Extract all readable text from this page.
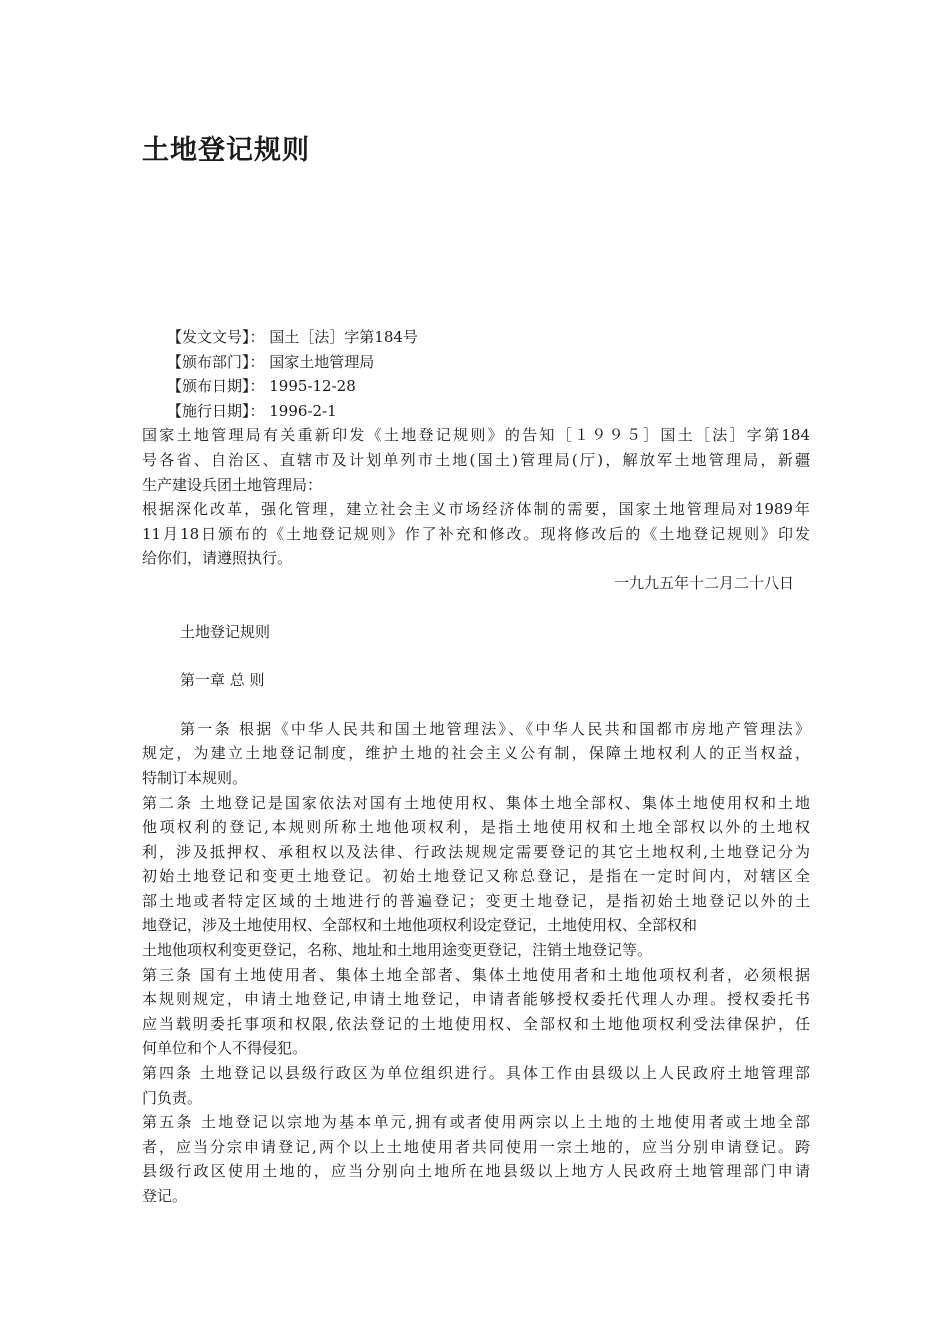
土地登记规则

【发文文号】： 国土［法］字第184号

【颁布部门】： 国家土地管理局

【颁布日期】： 1995-12-28

【施行日期】： 1996-2-1

国家土地管理局有关重新印发《土地登记规则》的告知［１９９５］国土［法］字第184

号各省、自治区、直辖市及计划单列市土地(国土)管理局(厅)，解放军土地管理局，新疆

生产建设兵团土地管理局：

根据深化改革，强化管理，建立社会主义市场经济体制的需要，国家土地管理局对1989年

11月18日颁布的《土地登记规则》作了补充和修改。现将修改后的《土地登记规则》印发

给你们，请遵照执行。

一九九五年十二月二十八日

土地登记规则

第一章 总 则

第一条 根据《中华人民共和国土地管理法》、《中华人民共和国都市房地产管理法》

规定，为建立土地登记制度，维护土地的社会主义公有制，保障土地权利人的正当权益，

特制订本规则。

第二条 土地登记是国家依法对国有土地使用权、集体土地全部权、集体土地使用权和土地

他项权利的登记,本规则所称土地他项权利，是指土地使用权和土地全部权以外的土地权

利，涉及抵押权、承租权以及法律、行政法规规定需要登记的其它土地权利,土地登记分为

初始土地登记和变更土地登记。初始土地登记又称总登记，是指在一定时间内，对辖区全

部土地或者特定区域的土地进行的普遍登记；变更土地登记，是指初始土地登记以外的土

地登记，涉及土地使用权、全部权和土地他项权利设定登记，土地使用权、全部权和

土地他项权利变更登记，名称、地址和土地用途变更登记，注销土地登记等。

第三条 国有土地使用者、集体土地全部者、集体土地使用者和土地他项权利者，必须根据

本规则规定，申请土地登记,申请土地登记，申请者能够授权委托代理人办理。授权委托书

应当载明委托事项和权限,依法登记的土地使用权、全部权和土地他项权利受法律保护，任

何单位和个人不得侵犯。

第四条 土地登记以县级行政区为单位组织进行。具体工作由县级以上人民政府土地管理部

门负责。

第五条 土地登记以宗地为基本单元,拥有或者使用两宗以上土地的土地使用者或土地全部

者，应当分宗申请登记,两个以上土地使用者共同使用一宗土地的，应当分别申请登记。跨

县级行政区使用土地的，应当分别向土地所在地县级以上地方人民政府土地管理部门申请

登记。
